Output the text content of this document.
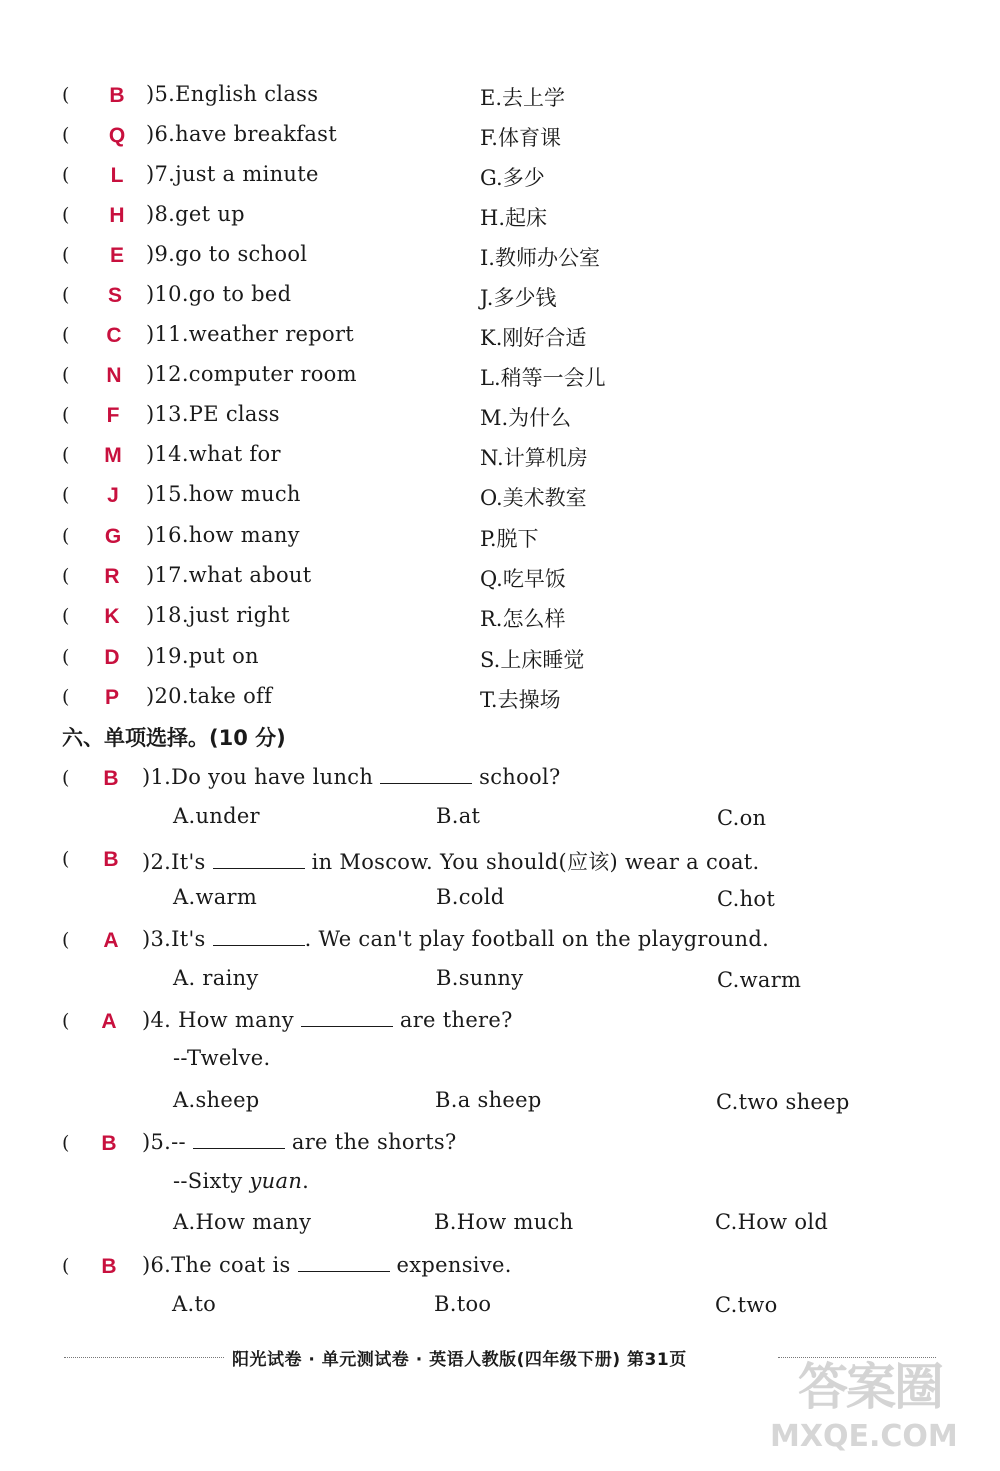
(	B	)5.English class	E.去上学
(	Q )6.have breakfast	F.体育课
(	L	)7.just a minute	G.多少
(	H	)8.get up	H.起床
(	E	)9.go to school	I.教师办公室
(	S	)10.go to bed	J.多少钱
(	C	)11.weather report	K.刚好合适
(	N	)12.computer room	L.稍等一会儿
(	F	)13.PE class	M.为什么
(	M	)14.what for	N.计算机房
(	J	)15.how much	O.美术教室
(	G	)16.how many	P.脱下
(	R	)17.what about	Q.吃早饭
(	K	)18.just right	R.怎么样
(	D	)19.put on	S.上床睡觉
(	P	)20.take off	T.去操场
六、单项选择。(10 分)
(	B	)1.Do you have lunch	school?
A.under	B.at	C.on
(	B	)2.It's	in Moscow. You should(应该) wear a coat.
A.warm	B.cold	C.hot
(	A	)3.It's	. We can't play football on the playground.
A. rainy	B.sunny	C.warm
(	A	)4. How many	are there?
--Twelve.
A.sheep	B.a sheep	C.two sheep
(	B	)5.--	are the shorts?
--Sixty yuan.
A.How many	B.How much	C.How old
(	B	)6.The coat is	expensive.
A.to	B.too	C.two
阳光试卷 · 单元测试卷 · 英语人教版(四年级下册) 第31页 答案圈
MXQE.COM
